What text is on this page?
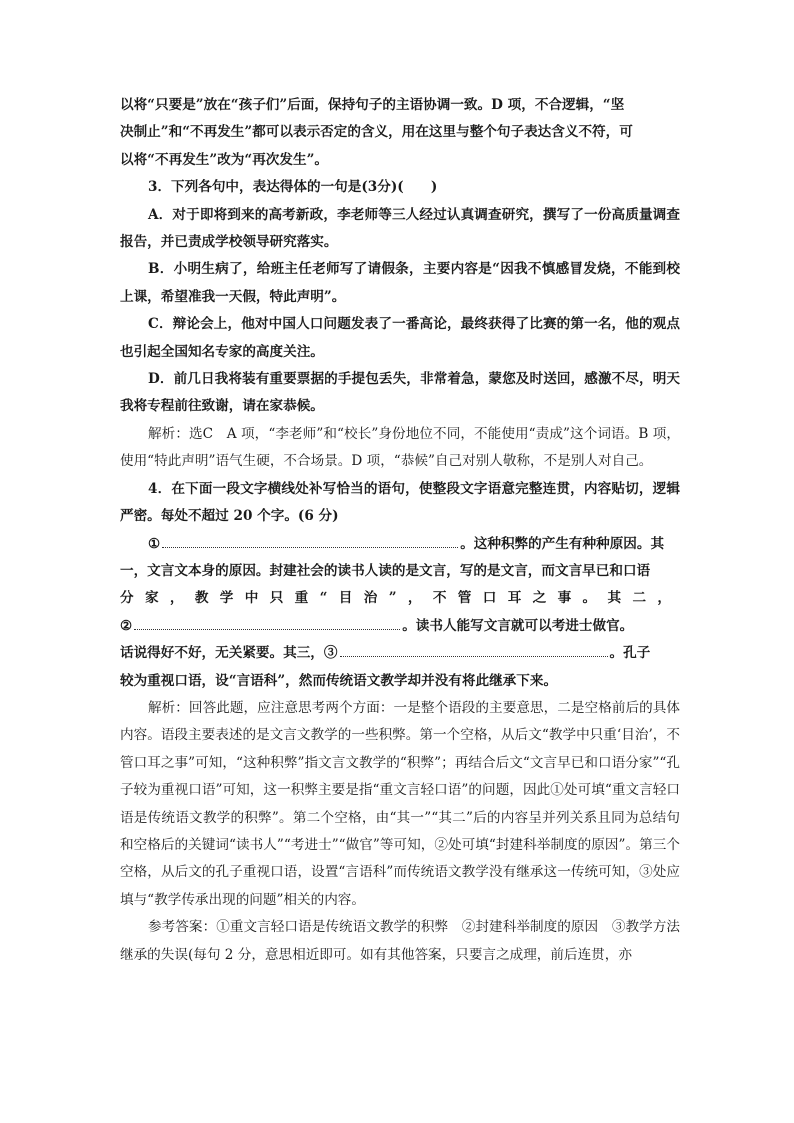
以将“只要是”放在“孩子们”后面，保持句子的主语协调一致。D 项，不合逻辑，“坚

决制止”和“不再发生”都可以表示否定的含义，用在这里与整个句子表达含义不符，可

以将“不再发生”改为“再次发生”。

3．下列各句中，表达得体的一句是(3分)(　　)

A．对于即将到来的高考新政，李老师等三人经过认真调查研究，撰写了一份高质量调查报告，并已责成学校领导研究落实。

B．小明生病了，给班主任老师写了请假条，主要内容是“因我不慎感冒发烧，不能到校上课，希望准我一天假，特此声明”。

C．辩论会上，他对中国人口问题发表了一番高论，最终获得了比赛的第一名，他的观点也引起全国知名专家的高度关注。

D．前几日我将装有重要票据的手提包丢失，非常着急，蒙您及时送回，感激不尽，明天我将专程前往致谢，请在家恭候。

解析：选C　A 项，“李老师”和“校长”身份地位不同，不能使用“责成”这个词语。B 项，使用“特此声明”语气生硬，不合场景。D 项，“恭候”自己对别人敬称，不是别人对自己。

4．在下面一段文字横线处补写恰当的语句，使整段文字语意完整连贯，内容贴切，逻辑严密。每处不超过 20 个字。(6 分)

①	。这种积弊的产生有种种原因。其

一，文言文本身的原因。封建社会的读书人读的是文言，写的是文言，而文言早已和口语

分家，教学中只重“目治”，不管口耳之事。其二，

②	。读书人能写文言就可以考进士做官。

话说得好不好，无关紧要。其三，③	。孔子

较为重视口语，设“言语科”，然而传统语文教学却并没有将此继承下来。

解析：回答此题，应注意思考两个方面：一是整个语段的主要意思，二是空格前后的具体内容。语段主要表述的是文言文教学的一些积弊。第一个空格，从后文“教学中只重‘目治’，不管口耳之事”可知，“这种积弊”指文言文教学的“积弊”；再结合后文“文言早已和口语分家”“孔子较为重视口语”可知，这一积弊主要是指“重文言轻口语”的问题，因此①处可填“重文言轻口语是传统语文教学的积弊”。第二个空格，由“其一”“其二”后的内容呈并列关系且同为总结句和空格后的关键词“读书人”“考进士”“做官”等可知，②处可填“封建科举制度的原因”。第三个空格，从后文的孔子重视口语，设置“言语科”而传统语文教学没有继承这一传统可知，③处应填与“教学传承出现的问题”相关的内容。

参考答案：①重文言轻口语是传统语文教学的积弊　②封建科举制度的原因　③教学方法继承的失误(每句 2 分，意思相近即可。如有其他答案，只要言之成理，前后连贯，亦
